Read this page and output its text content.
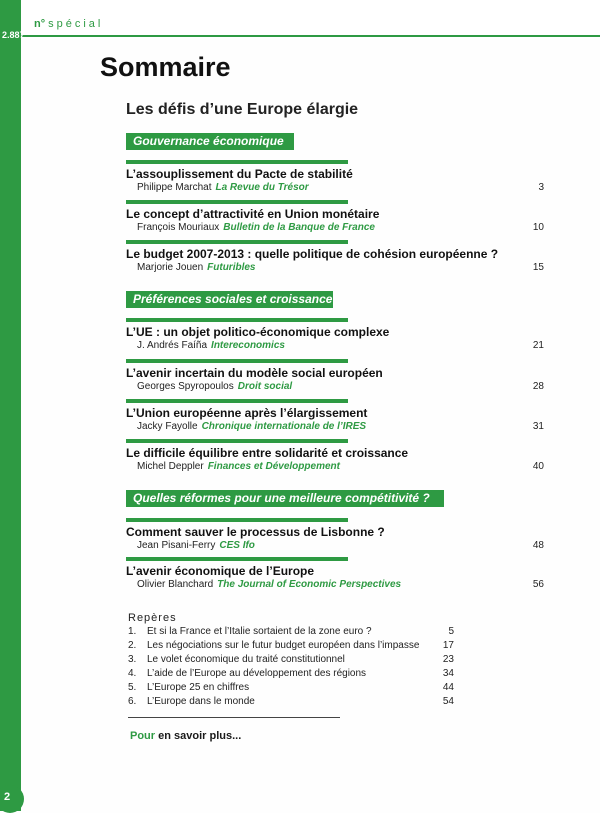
n° spécial
2.887
2
Sommaire
Les défis d’une Europe élargie
Gouvernance économique
L’assouplissement du Pacte de stabilité
Philippe Marchat La Revue du Trésor	3
Le concept d’attractivité en Union monétaire
François Mouriaux Bulletin de la Banque de France	10
Le budget 2007-2013 : quelle politique de cohésion européenne ?
Marjorie Jouen Futuribles	15
Préférences sociales et croissance
L’UE : un objet politico-économique complexe
J. Andrés Faíña Intereconomics	21
L’avenir incertain du modèle social européen
Georges Spyropoulos Droit social	28
L’Union européenne après l’élargissement
Jacky Fayolle Chronique internationale de l’IRES	31
Le difficile équilibre entre solidarité et croissance
Michel Deppler Finances et Développement	40
Quelles réformes pour une meilleure compétitivité ?
Comment sauver le processus de Lisbonne ?
Jean Pisani-Ferry CES Ifo	48
L’avenir économique de l’Europe
Olivier Blanchard The Journal of Economic Perspectives	56
Repères
1. Et si la France et l’Italie sortaient de la zone euro ?	5
2. Les négociations sur le futur budget européen dans l’impasse 17
3. Le volet économique du traité constitutionnel	23
4. L’aide de l’Europe au développement des régions	34
5. L’Europe 25 en chiffres	44
6. L’Europe dans le monde	54
Pour en savoir plus...
